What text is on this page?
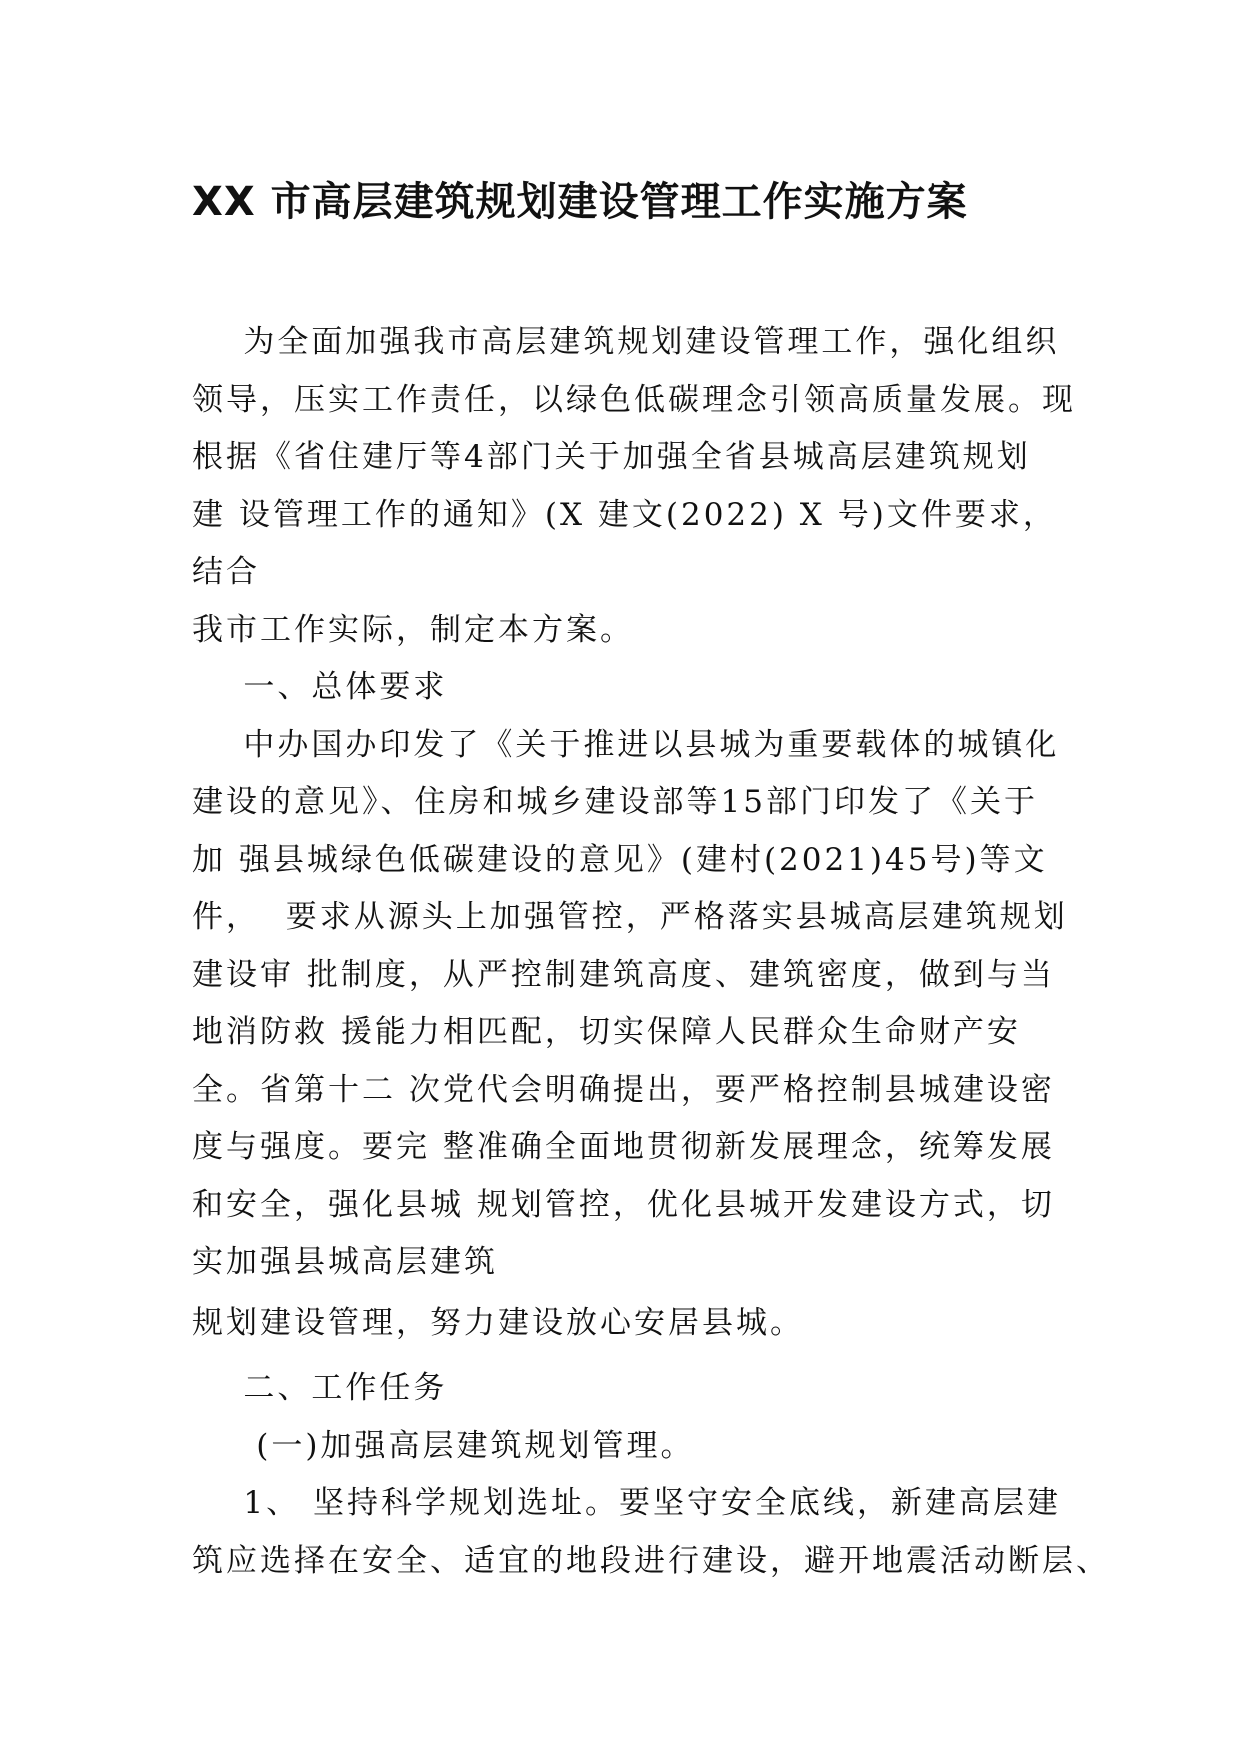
XX 市高层建筑规划建设管理工作实施方案
为全面加强我市高层建筑规划建设管理工作，强化组织
领导，压实工作责任，以绿色低碳理念引领高质量发展。现
根据《省住建厅等4部门关于加强全省县城高层建筑规划
建 设管理工作的通知》(X 建文(2022) X 号)文件要求，
结合
我市工作实际，制定本方案。
一、总体要求
中办国办印发了《关于推进以县城为重要载体的城镇化
建设的意见》、住房和城乡建设部等15部门印发了《关于
加 强县城绿色低碳建设的意见》(建村(2021)45号)等文
件，  要求从源头上加强管控，严格落实县城高层建筑规划
建设审 批制度，从严控制建筑高度、建筑密度，做到与当
地消防救 援能力相匹配，切实保障人民群众生命财产安
全。省第十二 次党代会明确提出，要严格控制县城建设密
度与强度。要完 整准确全面地贯彻新发展理念，统筹发展
和安全，强化县城 规划管控，优化县城开发建设方式，切
实加强县城高层建筑
规划建设管理，努力建设放心安居县城。
二、工作任务
(一)加强高层建筑规划管理。
1、 坚持科学规划选址。要坚守安全底线，新建高层建
筑应选择在安全、适宜的地段进行建设，避开地震活动断层、
